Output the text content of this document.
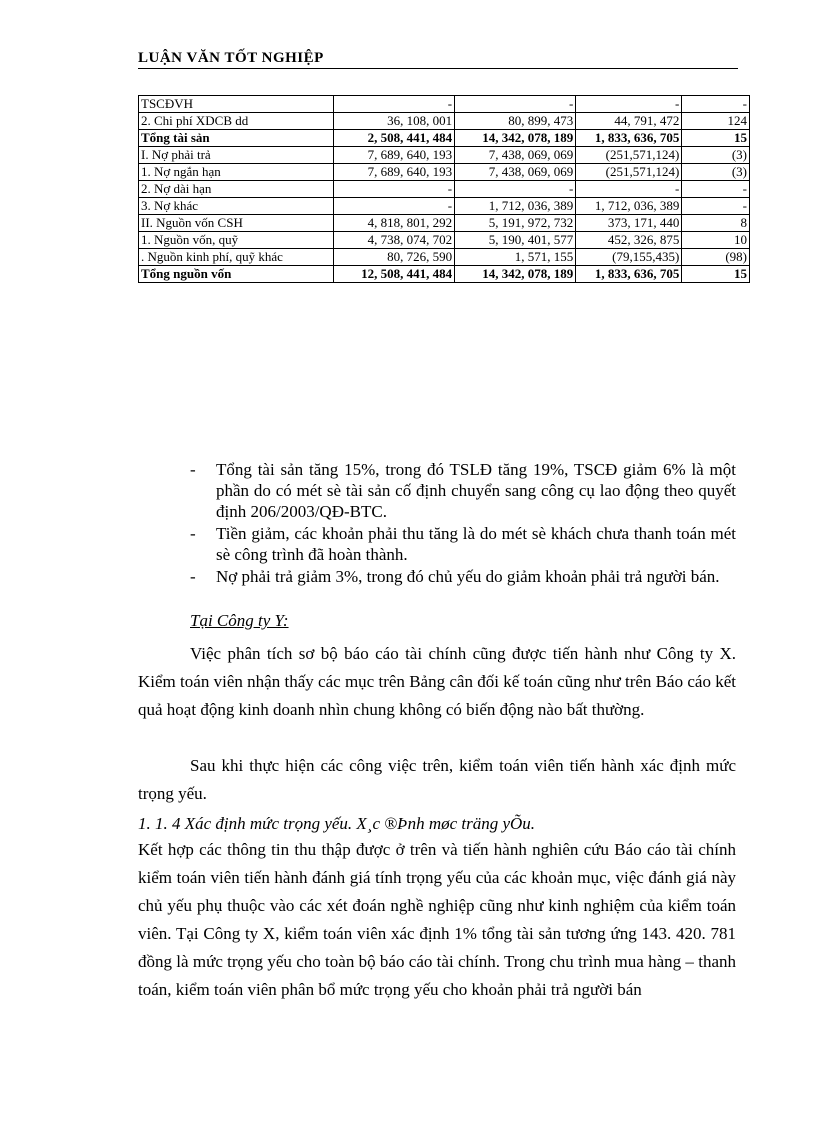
LUẬN VĂN TỐT NGHIỆP
TSCĐVH	-	-	-	-
2. Chi phí XDCB dd	36, 108, 001	80, 899, 473	44, 791, 472	124
Tổng tài sản	2, 508, 441, 484	14, 342, 078, 189	1, 833, 636, 705	15
I. Nợ phải trả	7, 689, 640, 193	7, 438, 069, 069	(251,571,124)	(3)
1. Nợ ngắn hạn	7, 689, 640, 193	7, 438, 069, 069	(251,571,124)	(3)
2. Nợ dài hạn	-	-	-	-
3. Nợ khác	-	1, 712, 036, 389	1, 712, 036, 389	-
II. Nguồn vốn CSH	4, 818, 801, 292	5, 191, 972, 732	373, 171, 440	8
1. Nguồn vốn, quỹ	4, 738, 074, 702	5, 190, 401, 577	452, 326, 875	10
. Nguồn kinh phí, quỹ khác	80, 726, 590	1, 571, 155	(79,155,435)	(98)
Tổng nguồn vốn	12, 508, 441, 484	14, 342, 078, 189	1, 833, 636, 705	15
- Tổng tài sản tăng 15%, trong đó TSLĐ tăng 19%, TSCĐ giảm 6% là một phần do có mét sè tài sản cố định chuyển sang công cụ lao động theo quyết định 206/2003/QĐ-BTC.
- Tiền giảm, các khoản phải thu tăng là do mét sè khách chưa thanh toán mét sè công trình đã hoàn thành.
- Nợ phải trả giảm 3%, trong đó chủ yếu do giảm khoản phải trả người bán.
Tại Công ty Y:
Việc phân tích sơ bộ báo cáo tài chính cũng được tiến hành như Công ty X. Kiểm toán viên nhận thấy các mục trên Bảng cân đối kế toán cũng như trên Báo cáo kết quả hoạt động kinh doanh nhìn chung không có biến động nào bất thường.
Sau khi thực hiện các công việc trên, kiểm toán viên tiến hành xác định mức trọng yếu.
1. 1. 4 Xác định mức trọng yếu. X¸c ®Þnh møc träng yÕu.
Kết hợp các thông tin thu thập được ở trên và tiến hành nghiên cứu Báo cáo tài chính kiểm toán viên tiến hành đánh giá tính trọng yếu của các khoản mục, việc đánh giá này chủ yếu phụ thuộc vào các xét đoán nghề nghiệp cũng như kinh nghiệm của kiểm toán viên. Tại Công ty X, kiểm toán viên xác định 1% tổng tài sản tương ứng 143. 420. 781 đồng là mức trọng yếu cho toàn bộ báo cáo tài chính. Trong chu trình mua hàng – thanh toán, kiểm toán viên phân bổ mức trọng yếu cho khoản phải trả người bán
